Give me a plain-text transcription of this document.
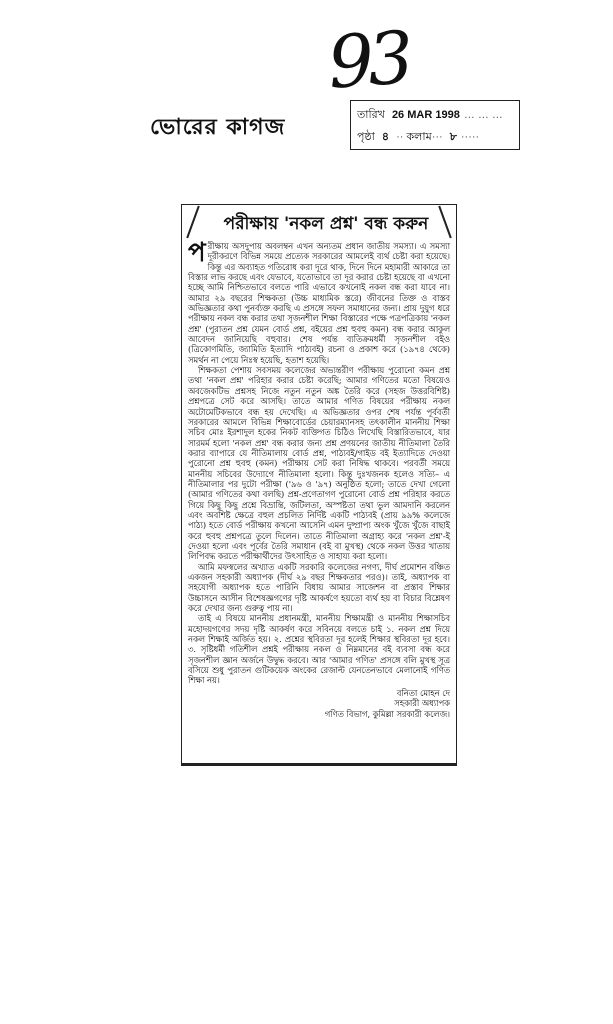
93
ভোরের কাগজ	তারিখ 26 MAR 1998 … … …
পৃষ্ঠা ৪ ·· কলাম··· ৮ ·····
পরীক্ষায় 'নকল প্রশ্ন' বন্ধ করুন

পরীক্ষায় অসদুপায় অবলম্বন এখন অন্যতম প্রধান জাতীয় সমস্যা। এ সমস্যা দূরীকরণে বিভিন্ন সময়ে প্রত্যেক সরকারের আমলেই ব্যর্থ চেষ্টা করা হয়েছে। কিন্তু এর অব্যাহত গতিরোধ করা দূরে থাক, দিনে দিনে মহামারী আকারে তা বিস্তার লাভ করছে এবং যেভাবে, যতোভাবে তা দূর করার চেষ্টা হয়েছে বা এখনো হচ্ছে আমি নিশ্চিতভাবে বলতে পারি এভাবে কখনোই নকল বন্ধ করা যাবে না। আমার ২৯ বছরের শিক্ষকতা (উচ্চ মাধ্যমিক স্তরে) জীবনের তিক্ত ও বাস্তব অভিজ্ঞতার কথা পুনর্ব্যক্ত করছি এ প্রসঙ্গে সফল সমাধানের জন্য। প্রায় দুযুগ ধরে পরীক্ষায় নকল বন্ধ করার তথা সৃজনশীল শিক্ষা বিস্তারের পক্ষে পত্রপত্রিকায় 'নকল প্রশ্ন' (পুরাতন প্রশ্ন যেমন বোর্ড প্রশ্ন, বইয়ের প্রশ্ন হুবহু কমন) বন্ধ করার আকুল আবেদন জানিয়েছি বহুবার। শেষ পর্যন্ত ব্যতিক্রমধর্মী সৃজনশীল বইও (ত্রিকোণমিতি, জ্যামিতি ইত্যাদি পাঠ্যবই) রচনা ও প্রকাশ করে (১৯৭৪ থেকে) সমর্থন না পেয়ে নিঃস্ব হয়েছি, হতাশ হয়েছি।

শিক্ষকতা পেশায় সবসময় কলেজের অভ্যন্তরীণ পরীক্ষায় পুরোনো কমন প্রশ্ন তথা 'নকল প্রশ্ন' পরিহার করার চেষ্টা করেছি; আমার গণিতের মতো বিষয়েও অবজেকটিভ প্রশ্নসহ নিজে নতুন নতুন অঙ্ক তৈরি করে (সহজ উত্তরবিশিষ্ট) প্রশ্নপত্রে সেট করে আসছি। তাতে আমার গণিত বিষয়ের পরীক্ষায় নকল অটোমেটিকভাবে বন্ধ হয় দেখেছি। এ অভিজ্ঞতার ওপর শেষ পর্যন্ত পূর্ববর্তী সরকারের আমলে বিভিন্ন শিক্ষাবোর্ডের চেয়ারম্যানসহ তৎকালীন মাননীয় শিক্ষা সচিব মোঃ ইরশাদুল হকের নিকট ব্যক্তিগত চিঠিও লিখেছি বিস্তারিতভাবে, যার সারমর্ম হলো 'নকল প্রশ্ন' বন্ধ করার জন্য প্রশ্ন প্রণয়নের জাতীয় নীতিমালা তৈরি করার ব্যাপারে যে নীতিমালায় বোর্ড প্রশ্ন, পাঠ্যবই/গাইড বই ইত্যাদিতে দেওয়া পুরোনো প্রশ্ন হুবহু (কমন) পরীক্ষায় সেট করা নিষিদ্ধ থাকবে। পরবর্তী সময়ে মাননীয় সচিবের উদ্যোগে নীতিমালা হলো। কিন্তু দুঃখজনক হলেও সত্যি– এ নীতিমালার পর দুটো পরীক্ষা ('৯৬ ও '৯৭) অনুষ্ঠিত হলো; তাতে দেখা গেলো (আমার গণিতের কথা বলছি) প্রশ্ন-প্রণেতাগণ পুরোনো বোর্ড প্রশ্ন পরিহার করতে গিয়ে কিছু কিছু প্রশ্নে বিভ্রান্তি, জটিলতা, অস্পষ্টতা তথা ভুল আমদানি করলেন এবং অবশিষ্ট ক্ষেত্রে বহুল প্রচলিত নির্দিষ্ট একটি পাঠ্যবই (প্রায় ৯৯% কলেজে পাঠ্য) হতে বোর্ড পরীক্ষায় কখনো আসেনি এমন দুষ্প্রাপ্য অংক খুঁজে খুঁজে বাছাই করে হুবহু প্রশ্নপত্রে তুলে দিলেন। তাতে নীতিমালা অগ্রাহ্য করে 'নকল প্রশ্ন'-ই দেওয়া হলো এবং পূর্বের তৈরি সমাধান (বই বা মুখস্থ) থেকে নকল উত্তর খাতায় লিপিবদ্ধ করতে পরীক্ষার্থীদের উৎসাহিত ও সাহায্য করা হলো।

আমি মফস্বলের অখ্যাত একটি সরকারি কলেজের নগণ্য, দীর্ঘ প্রমোশন বঞ্চিত একজন সহকারী অধ্যাপক (দীর্ঘ ২৯ বছর শিক্ষকতার পরও)। তাই, অধ্যাপক বা সহযোগী অধ্যাপক হতে পারিনি বিধায় আমার সাজেশন বা প্রস্তাব শিক্ষার উচ্চাসনে আসীন বিশেষজ্ঞগণের দৃষ্টি আকর্ষণে হয়তো ব্যর্থ হয় বা বিচার বিশ্লেষণ করে দেখার জন্য গুরুত্ব পায় না।

তাই এ বিষয়ে মাননীয় প্রধানমন্ত্রী, মাননীয় শিক্ষামন্ত্রী ও মাননীয় শিক্ষাসচিব মহোদয়গণের সদয় দৃষ্টি আকর্ষণ করে সবিনয়ে বলতে চাই ১. নকল প্রশ্ন দিয়ে নকল শিক্ষাই অর্জিত হয়। ২. প্রশ্নের স্থবিরতা দূর হলেই শিক্ষার স্থবিরতা দূর হবে। ৩. সৃষ্টিধর্মী গতিশীল প্রশ্নই পরীক্ষায় নকল ও নিম্নমানের বই ব্যবসা বন্ধ করে সৃজনশীল জ্ঞান অর্জনে উদ্বুদ্ধ করবে। আর 'আমার গণিত' প্রসঙ্গে বলি মুখস্থ সূত্র বসিয়ে শুধু পুরাতন গুটিকয়েক অংকের রেজাল্ট যেনতেনভাবে মেলানোই গণিত শিক্ষা নয়।

বনিতা মোহন দে
সহকারী অধ্যাপক
গণিত বিভাগ, কুমিল্লা সরকারী কলেজ।
